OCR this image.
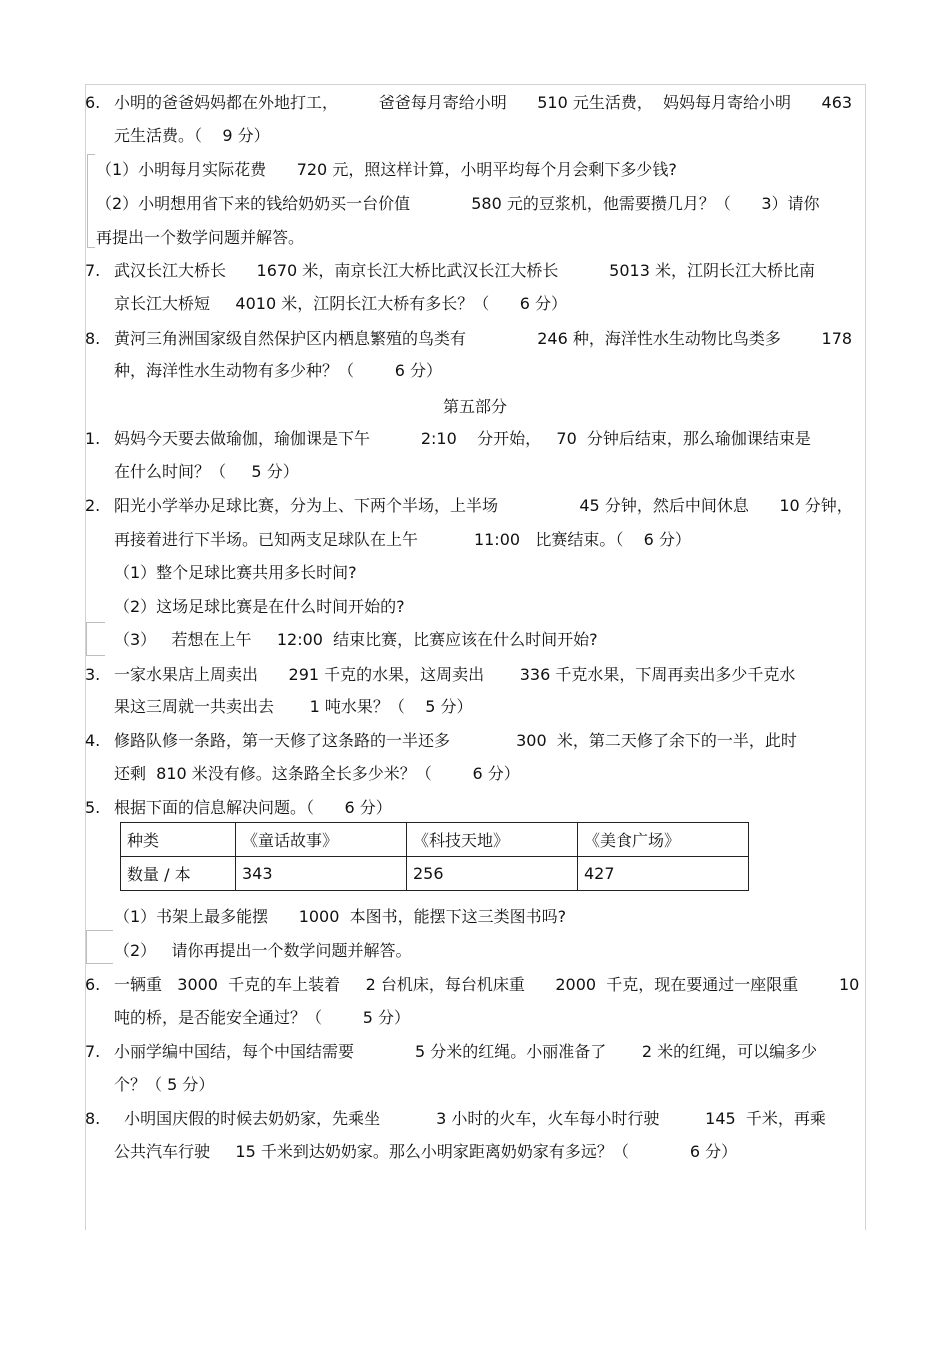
6. 小明的爸爸妈妈都在外地打工，        爸爸每月寄给小明      510 元生活费，  妈妈每月寄给小明      463
元生活费。（    9 分）
（1）小明每月实际花费      720 元，照这样计算，小明平均每个月会剩下多少钱?
（2）小明想用省下来的钱给奶奶买一台价值            580 元的豆浆机，他需要攒几月？（      3）请你
再提出一个数学问题并解答。
7. 武汉长江大桥长      1670 米，南京长江大桥比武汉长江大桥长          5013 米，江阴长江大桥比南
京长江大桥短     4010 米，江阴长江大桥有多长？（      6 分）
8. 黄河三角洲国家级自然保护区内栖息繁殖的鸟类有              246 种，海洋性水生动物比鸟类多        178
种，海洋性水生动物有多少种？（        6 分）
第五部分
1. 妈妈今天要去做瑜伽，瑜伽课是下午          2:10    分开始，   70  分钟后结束，那么瑜伽课结束是
在什么时间？（     5 分）
2. 阳光小学举办足球比赛，分为上、下两个半场，上半场                45 分钟，然后中间休息      10 分钟，
再接着进行下半场。已知两支足球队在上午           11:00   比赛结束。（    6 分）
（1）整个足球比赛共用多长时间?
（2）这场足球比赛是在什么时间开始的?
（3）   若想在上午     12:00  结束比赛，比赛应该在什么时间开始?
3. 一家水果店上周卖出      291 千克的水果，这周卖出       336 千克水果，下周再卖出多少千克水
果这三周就一共卖出去       1 吨水果？（    5 分）
4. 修路队修一条路，第一天修了这条路的一半还多             300  米，第二天修了余下的一半，此时
还剩  810 米没有修。这条路全长多少米？（        6 分）
5. 根据下面的信息解决问题。（      6 分）
种类	《童话故事》	《科技天地》	《美食广场》
数量 / 本	343	256	427
（1）书架上最多能摆      1000  本图书，能摆下这三类图书吗?
（2）   请你再提出一个数学问题并解答。
6. 一辆重   3000  千克的车上装着     2 台机床，每台机床重      2000  千克，现在要通过一座限重        10
吨的桥，是否能安全通过？（        5 分）
7. 小丽学编中国结，每个中国结需要            5 分米的红绳。小丽准备了       2 米的红绳，可以编多少
个？（ 5 分）
8. 小明国庆假的时候去奶奶家，先乘坐           3 小时的火车，火车每小时行驶         145  千米，再乘
公共汽车行驶     15 千米到达奶奶家。那么小明家距离奶奶家有多远？（            6 分）
